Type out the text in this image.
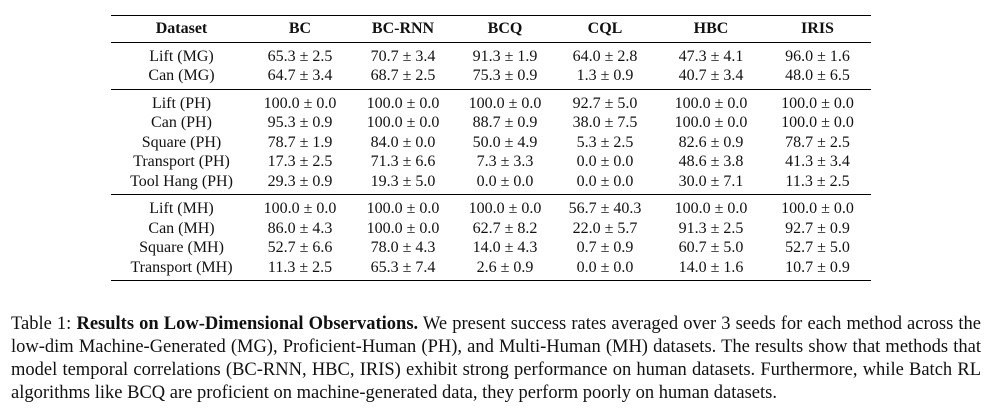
Dataset	BC	BC-RNN	BCQ	CQL	HBC	IRIS
Lift (MG)	65.3 ± 2.5	70.7 ± 3.4	91.3 ± 1.9	64.0 ± 2.8	47.3 ± 4.1	96.0 ± 1.6
Can (MG)	64.7 ± 3.4	68.7 ± 2.5	75.3 ± 0.9	1.3 ± 0.9	40.7 ± 3.4	48.0 ± 6.5
Lift (PH)	100.0 ± 0.0	100.0 ± 0.0	100.0 ± 0.0	92.7 ± 5.0	100.0 ± 0.0	100.0 ± 0.0
Can (PH)	95.3 ± 0.9	100.0 ± 0.0	88.7 ± 0.9	38.0 ± 7.5	100.0 ± 0.0	100.0 ± 0.0
Square (PH)	78.7 ± 1.9	84.0 ± 0.0	50.0 ± 4.9	5.3 ± 2.5	82.6 ± 0.9	78.7 ± 2.5
Transport (PH)	17.3 ± 2.5	71.3 ± 6.6	7.3 ± 3.3	0.0 ± 0.0	48.6 ± 3.8	41.3 ± 3.4
Tool Hang (PH)	29.3 ± 0.9	19.3 ± 5.0	0.0 ± 0.0	0.0 ± 0.0	30.0 ± 7.1	11.3 ± 2.5
Lift (MH)	100.0 ± 0.0	100.0 ± 0.0	100.0 ± 0.0	56.7 ± 40.3	100.0 ± 0.0	100.0 ± 0.0
Can (MH)	86.0 ± 4.3	100.0 ± 0.0	62.7 ± 8.2	22.0 ± 5.7	91.3 ± 2.5	92.7 ± 0.9
Square (MH)	52.7 ± 6.6	78.0 ± 4.3	14.0 ± 4.3	0.7 ± 0.9	60.7 ± 5.0	52.7 ± 5.0
Transport (MH)	11.3 ± 2.5	65.3 ± 7.4	2.6 ± 0.9	0.0 ± 0.0	14.0 ± 1.6	10.7 ± 0.9

Table 1: Results on Low-Dimensional Observations. We present success rates averaged over 3 seeds for each method across the low-dim Machine-Generated (MG), Proficient-Human (PH), and Multi-Human (MH) datasets. The results show that methods that model temporal correlations (BC-RNN, HBC, IRIS) exhibit strong performance on human datasets. Furthermore, while Batch RL algorithms like BCQ are proficient on machine-generated data, they perform poorly on human datasets.
